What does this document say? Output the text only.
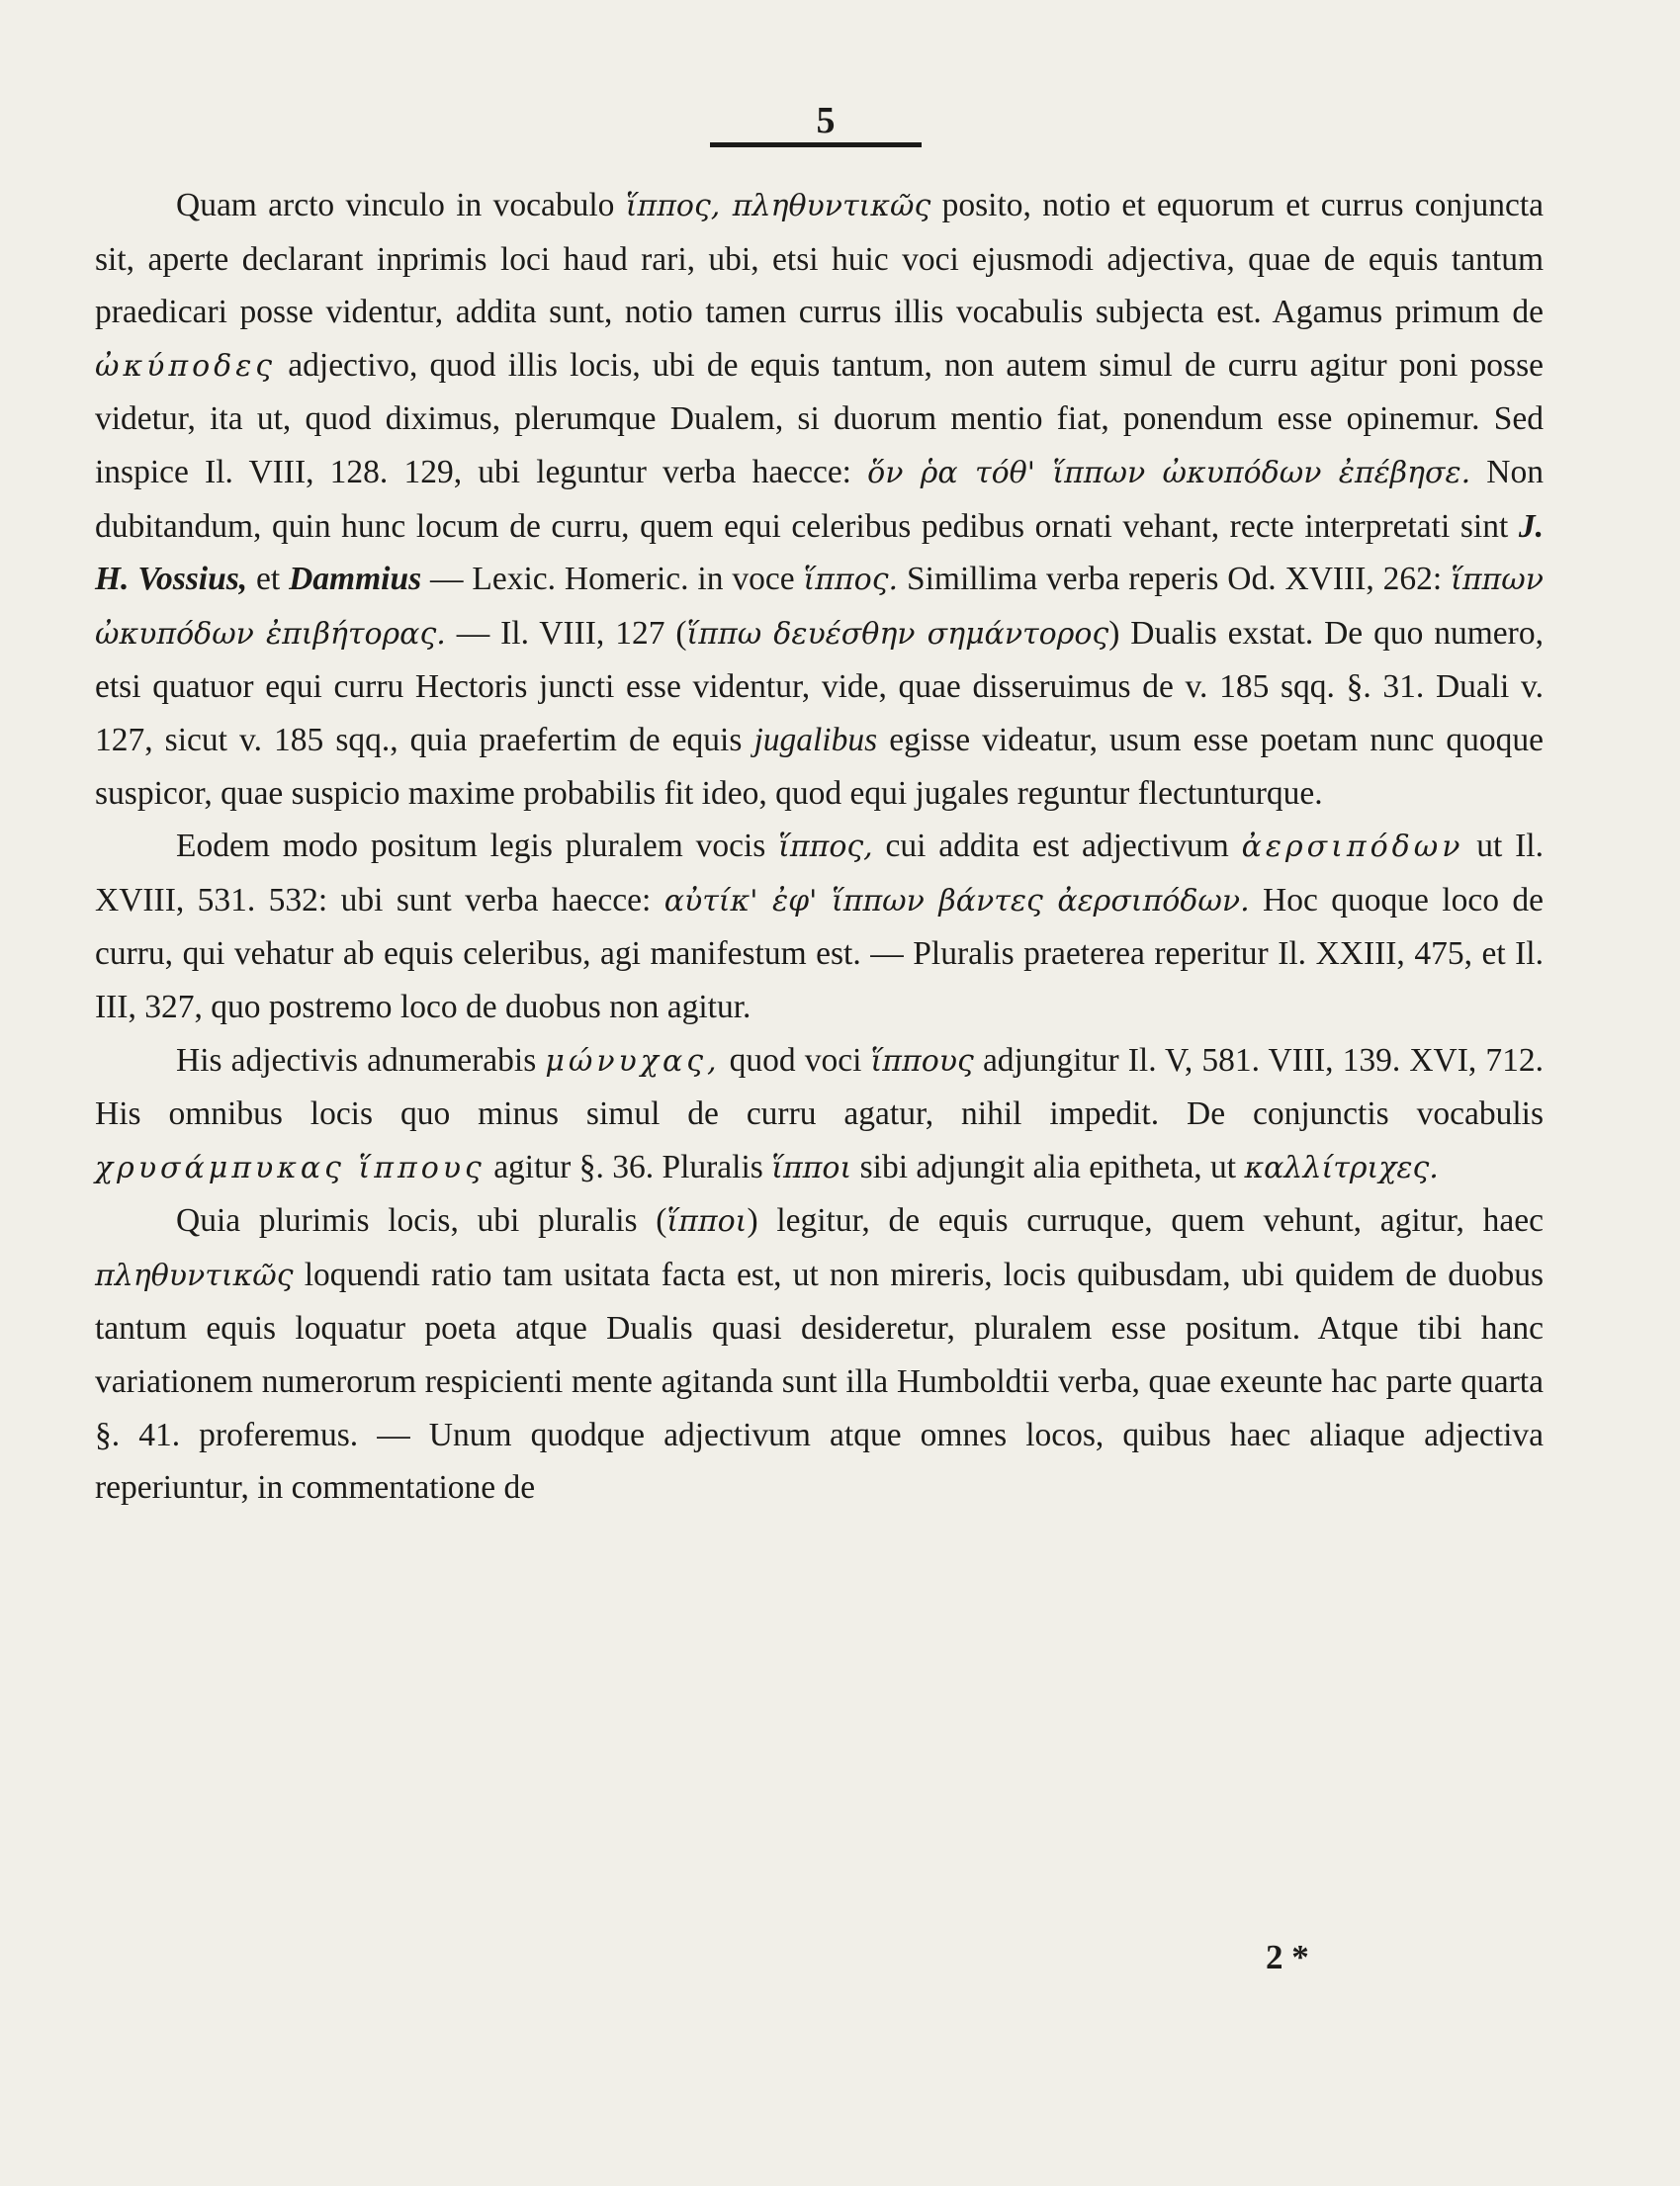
5

Quam arcto vinculo in vocabulo ἵππος, πληθυντικῶς posito, notio et equorum et currus conjuncta sit, aperte declarant inprimis loci haud rari, ubi, etsi huic voci ejusmodi adjectiva, quae de equis tantum praedicari posse videntur, addita sunt, notio tamen currus illis vocabulis subjecta est. Agamus primum de ὠκύποδες adjectivo, quod illis locis, ubi de equis tantum, non autem simul de curru agitur poni posse videtur, ita ut, quod diximus, plerumque Dualem, si duorum mentio fiat, ponendum esse opinemur. Sed inspice Il. VIII, 128. 129, ubi leguntur verba haecce: ὅν ῥα τόθ' ἵππων ὠκυπόδων ἐπέβησε. Non dubitandum, quin hunc locum de curru, quem equi celeribus pedibus ornati vehant, recte interpretati sint J. H. Vossius, et Dammius — Lexic. Homeric. in voce ἵππος. Simillima verba reperis Od. XVIII, 262: ἵππων ὠκυπόδων ἐπιβήτορας. — Il. VIII, 127 (ἵππω δευέσθην σημάντορος) Dualis exstat. De quo numero, etsi quatuor equi curru Hectoris juncti esse videntur, vide, quae disseruimus de v. 185 sqq. §. 31. Duali v. 127, sicut v. 185 sqq., quia praefertim de equis jugalibus egisse videatur, usum esse poetam nunc quoque suspicor, quae suspicio maxime probabilis fit ideo, quod equi jugales reguntur flectunturque.

Eodem modo positum legis pluralem vocis ἵππος, cui addita est adjectivum ἀερσιπόδων ut Il. XVIII, 531. 532: ubi sunt verba haecce: αὐτίκ' ἐφ' ἵππων βάντες ἀερσιπόδων. Hoc quoque loco de curru, qui vehatur ab equis celeribus, agi manifestum est. — Pluralis praeterea reperitur Il. XXIII, 475, et Il. III, 327, quo postremo loco de duobus non agitur.

His adjectivis adnumerabis μώνυχας, quod voci ἵππους adjungitur Il. V, 581. VIII, 139. XVI, 712. His omnibus locis quo minus simul de curru agatur, nihil impedit. De conjunctis vocabulis χρυσάμπυκας ἵππους agitur §. 36. Pluralis ἵπποι sibi adjungit alia epitheta, ut καλλίτριχες.

Quia plurimis locis, ubi pluralis (ἵπποι) legitur, de equis curruque, quem vehunt, agitur, haec πληθυντικῶς loquendi ratio tam usitata facta est, ut non mireris, locis quibusdam, ubi quidem de duobus tantum equis loquatur poeta atque Dualis quasi desideretur, pluralem esse positum. Atque tibi hanc variationem numerorum respicienti mente agitanda sunt illa Humboldtii verba, quae exeunte hac parte quarta §. 41. proferemus. — Unum quodque adjectivum atque omnes locos, quibus haec aliaque adjectiva reperiuntur, in commentatione de

2 *
